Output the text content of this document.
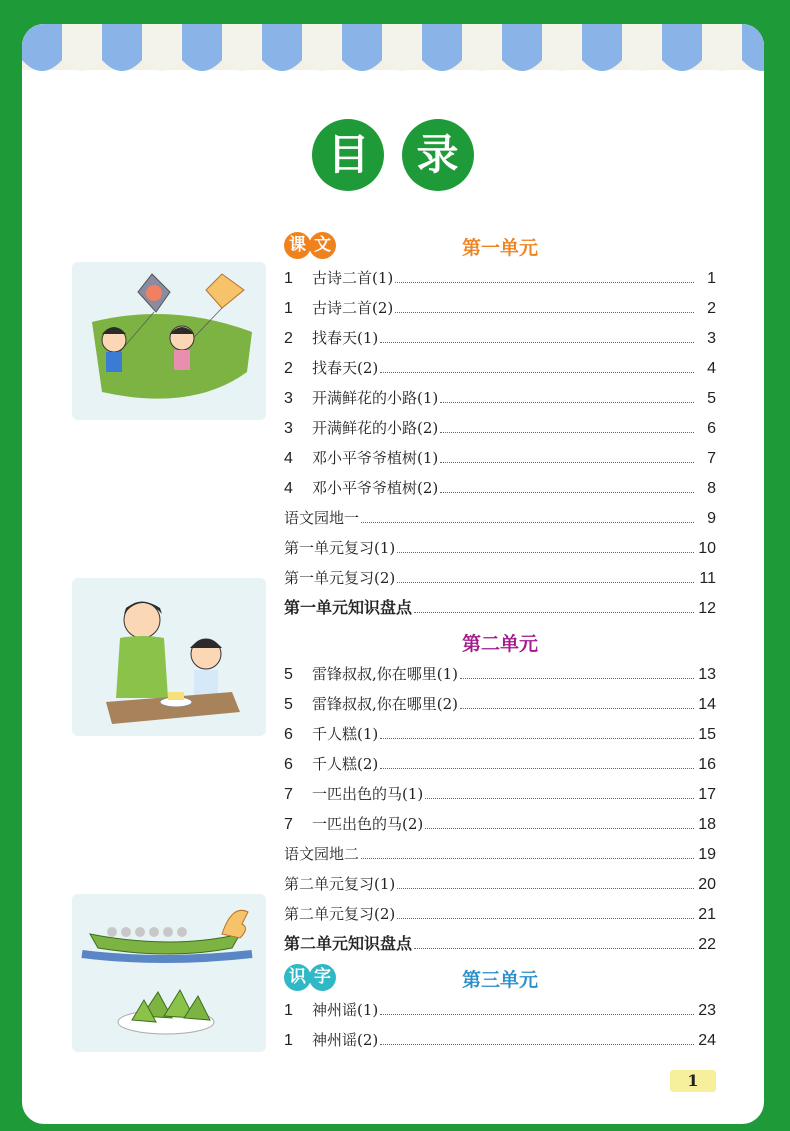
目 录
课 文	第一单元
1	古诗二首(1)	1
1	古诗二首(2)	2
2	找春天(1)	3
2	找春天(2)	4
3	开满鲜花的小路(1)	5
3	开满鲜花的小路(2)	6
4	邓小平爷爷植树(1)	7
4	邓小平爷爷植树(2)	8
语文园地一	9
第一单元复习(1)	10
第一单元复习(2)	11
第一单元知识盘点	12
第二单元
5	雷锋叔叔,你在哪里(1)	13
5	雷锋叔叔,你在哪里(2)	14
6	千人糕(1)	15
6	千人糕(2)	16
7	一匹出色的马(1)	17
7	一匹出色的马(2)	18
语文园地二	19
第二单元复习(1)	20
第二单元复习(2)	21
第二单元知识盘点	22
识 字	第三单元
1	神州谣(1)	23
1	神州谣(2)	24
1
